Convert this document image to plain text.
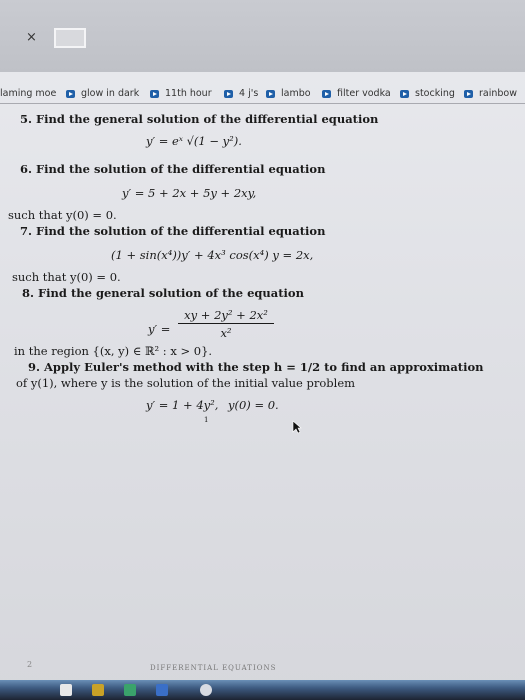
×
laming moe	glow in dark	11th hour	4 j's lambo	filter vodka	stocking	rainbow
5. Find the general solution of the differential equation
y′ = eˣ √(1 − y²).
6. Find the solution of the differential equation
y′ = 5 + 2x + 5y + 2xy,
such that y(0) = 0.
7. Find the solution of the differential equation
(1 + sin(x⁴))y′ + 4x³ cos(x⁴) y = 2x,
such that y(0) = 0.
8. Find the general solution of the equation
y′ =
xy + 2y² + 2x²
x²
in the region {(x, y) ∈ ℝ² : x > 0}.
9. Apply Euler's method with the step h = 1/2 to find an approximation
of y(1), where y is the solution of the initial value problem
y′ = 1 + 4y², y(0) = 0.
1
2	DIFFERENTIAL EQUATIONS
